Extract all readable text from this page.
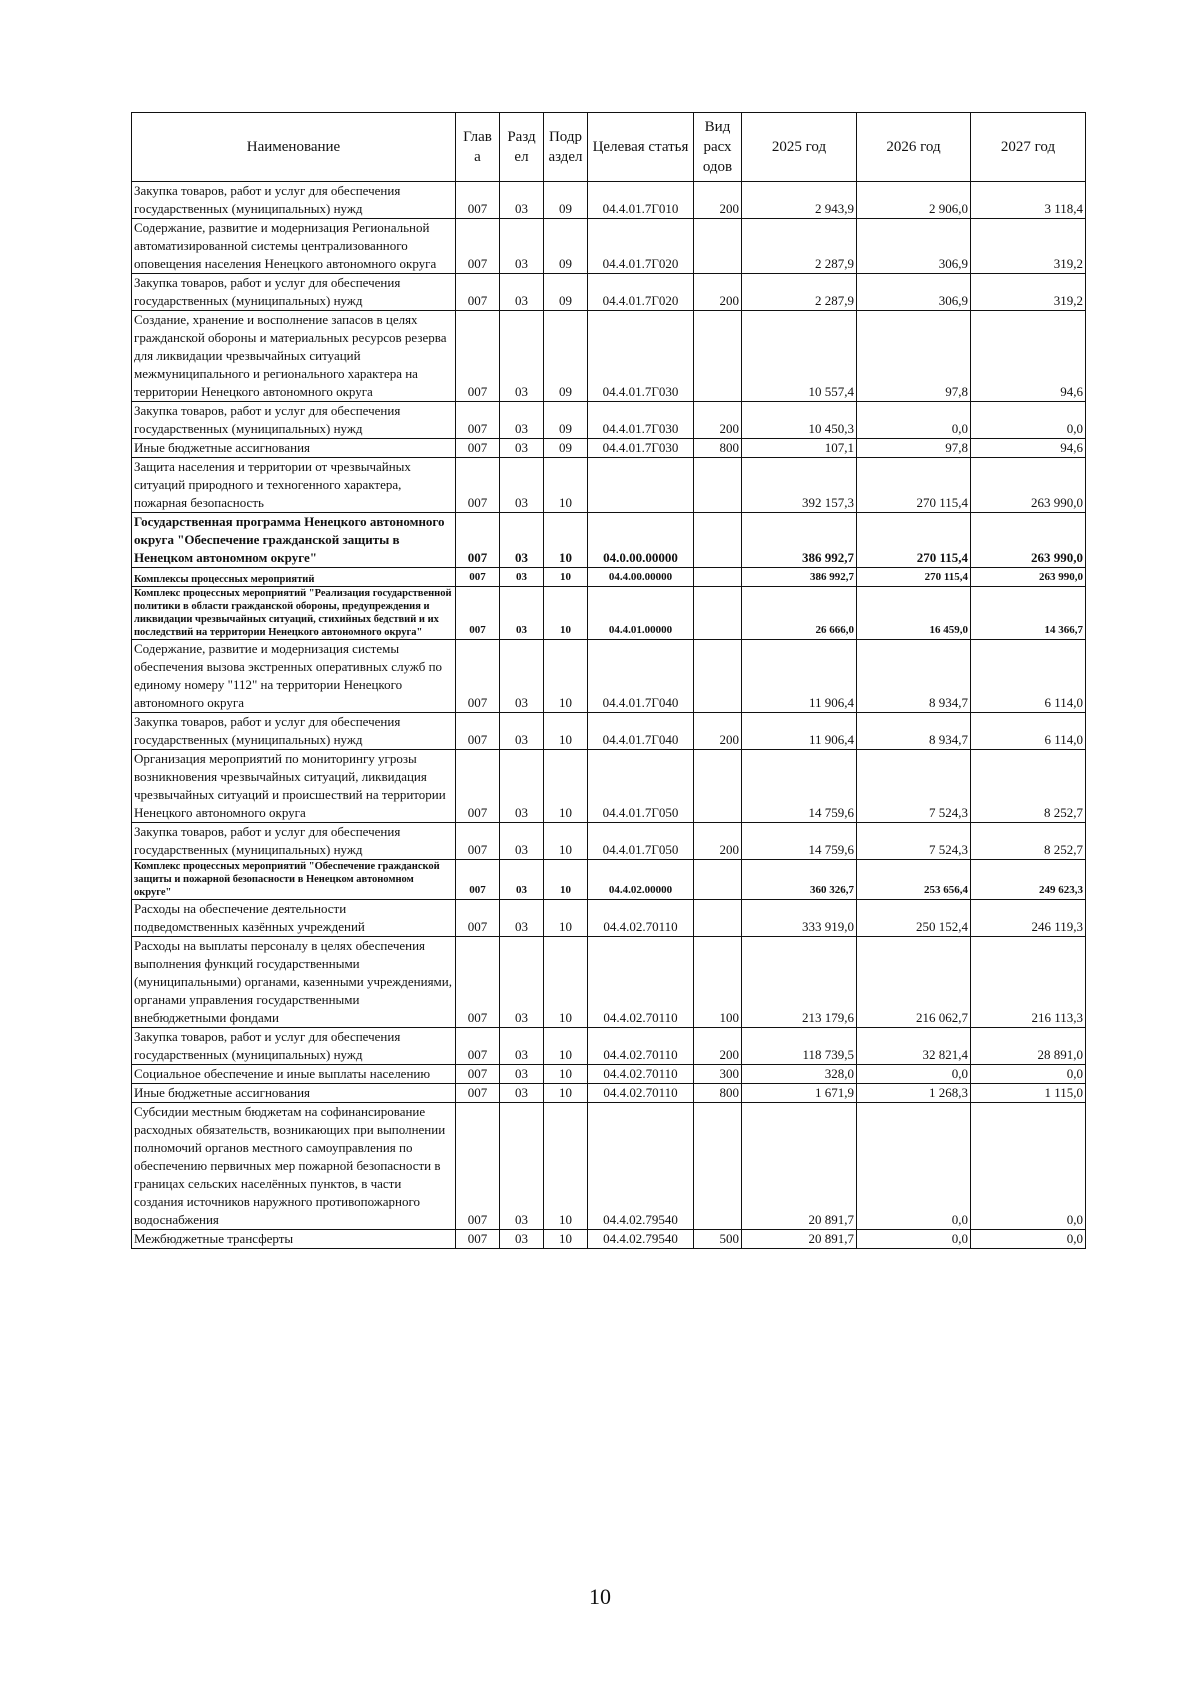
Наименование	Глав а	Разд ел	Подр аздел	Целевая статья	Вид расх одов	2025 год	2026 год	2027 год
Закупка товаров, работ и услуг для обеспечения государственных (муниципальных) нужд	007	03	09	04.4.01.7Г010	200	2 943,9	2 906,0	3 118,4
Содержание, развитие и модернизация Региональной автоматизированной системы централизованного оповещения населения Ненецкого автономного округа	007	03	09	04.4.01.7Г020		2 287,9	306,9	319,2
Закупка товаров, работ и услуг для обеспечения государственных (муниципальных) нужд	007	03	09	04.4.01.7Г020	200	2 287,9	306,9	319,2
Создание, хранение и восполнение запасов в целях гражданской обороны и материальных ресурсов резерва для ликвидации чрезвычайных ситуаций межмуниципального и регионального характера на территории Ненецкого автономного округа	007	03	09	04.4.01.7Г030		10 557,4	97,8	94,6
Закупка товаров, работ и услуг для обеспечения государственных (муниципальных) нужд	007	03	09	04.4.01.7Г030	200	10 450,3	0,0	0,0
Иные бюджетные ассигнования	007	03	09	04.4.01.7Г030	800	107,1	97,8	94,6
Защита населения и территории от чрезвычайных ситуаций природного и техногенного характера, пожарная безопасность	007	03	10			392 157,3	270 115,4	263 990,0
Государственная программа Ненецкого автономного округа "Обеспечение гражданской защиты в Ненецком автономном округе"	007	03	10	04.0.00.00000		386 992,7	270 115,4	263 990,0
Комплексы процессных мероприятий	007	03	10	04.4.00.00000		386 992,7	270 115,4	263 990,0
Комплекс процессных мероприятий "Реализация государственной политики в области гражданской обороны, предупреждения и ликвидации чрезвычайных ситуаций, стихийных бедствий и их последствий на территории Ненецкого автономного округа"	007	03	10	04.4.01.00000		26 666,0	16 459,0	14 366,7
Содержание, развитие и модернизация системы обеспечения вызова экстренных оперативных служб по единому номеру "112" на территории Ненецкого автономного округа	007	03	10	04.4.01.7Г040		11 906,4	8 934,7	6 114,0
Закупка товаров, работ и услуг для обеспечения государственных (муниципальных) нужд	007	03	10	04.4.01.7Г040	200	11 906,4	8 934,7	6 114,0
Организация мероприятий по мониторингу угрозы возникновения чрезвычайных ситуаций, ликвидация чрезвычайных ситуаций и происшествий на территории Ненецкого автономного округа	007	03	10	04.4.01.7Г050		14 759,6	7 524,3	8 252,7
Закупка товаров, работ и услуг для обеспечения государственных (муниципальных) нужд	007	03	10	04.4.01.7Г050	200	14 759,6	7 524,3	8 252,7
Комплекс процессных мероприятий "Обеспечение гражданской защиты и пожарной безопасности в Ненецком автономном округе"	007	03	10	04.4.02.00000		360 326,7	253 656,4	249 623,3
Расходы на обеспечение деятельности подведомственных казённых учреждений	007	03	10	04.4.02.70110		333 919,0	250 152,4	246 119,3
Расходы на выплаты персоналу в целях обеспечения выполнения функций государственными (муниципальными) органами, казенными учреждениями, органами управления государственными внебюджетными фондами	007	03	10	04.4.02.70110	100	213 179,6	216 062,7	216 113,3
Закупка товаров, работ и услуг для обеспечения государственных (муниципальных) нужд	007	03	10	04.4.02.70110	200	118 739,5	32 821,4	28 891,0
Социальное обеспечение и иные выплаты населению	007	03	10	04.4.02.70110	300	328,0	0,0	0,0
Иные бюджетные ассигнования	007	03	10	04.4.02.70110	800	1 671,9	1 268,3	1 115,0
Субсидии местным бюджетам на софинансирование расходных обязательств, возникающих при выполнении полномочий органов местного самоуправления по обеспечению первичных мер пожарной безопасности в границах сельских населённых пунктов, в части создания источников наружного противопожарного водоснабжения	007	03	10	04.4.02.79540		20 891,7	0,0	0,0
Межбюджетные трансферты	007	03	10	04.4.02.79540	500	20 891,7	0,0	0,0
10
